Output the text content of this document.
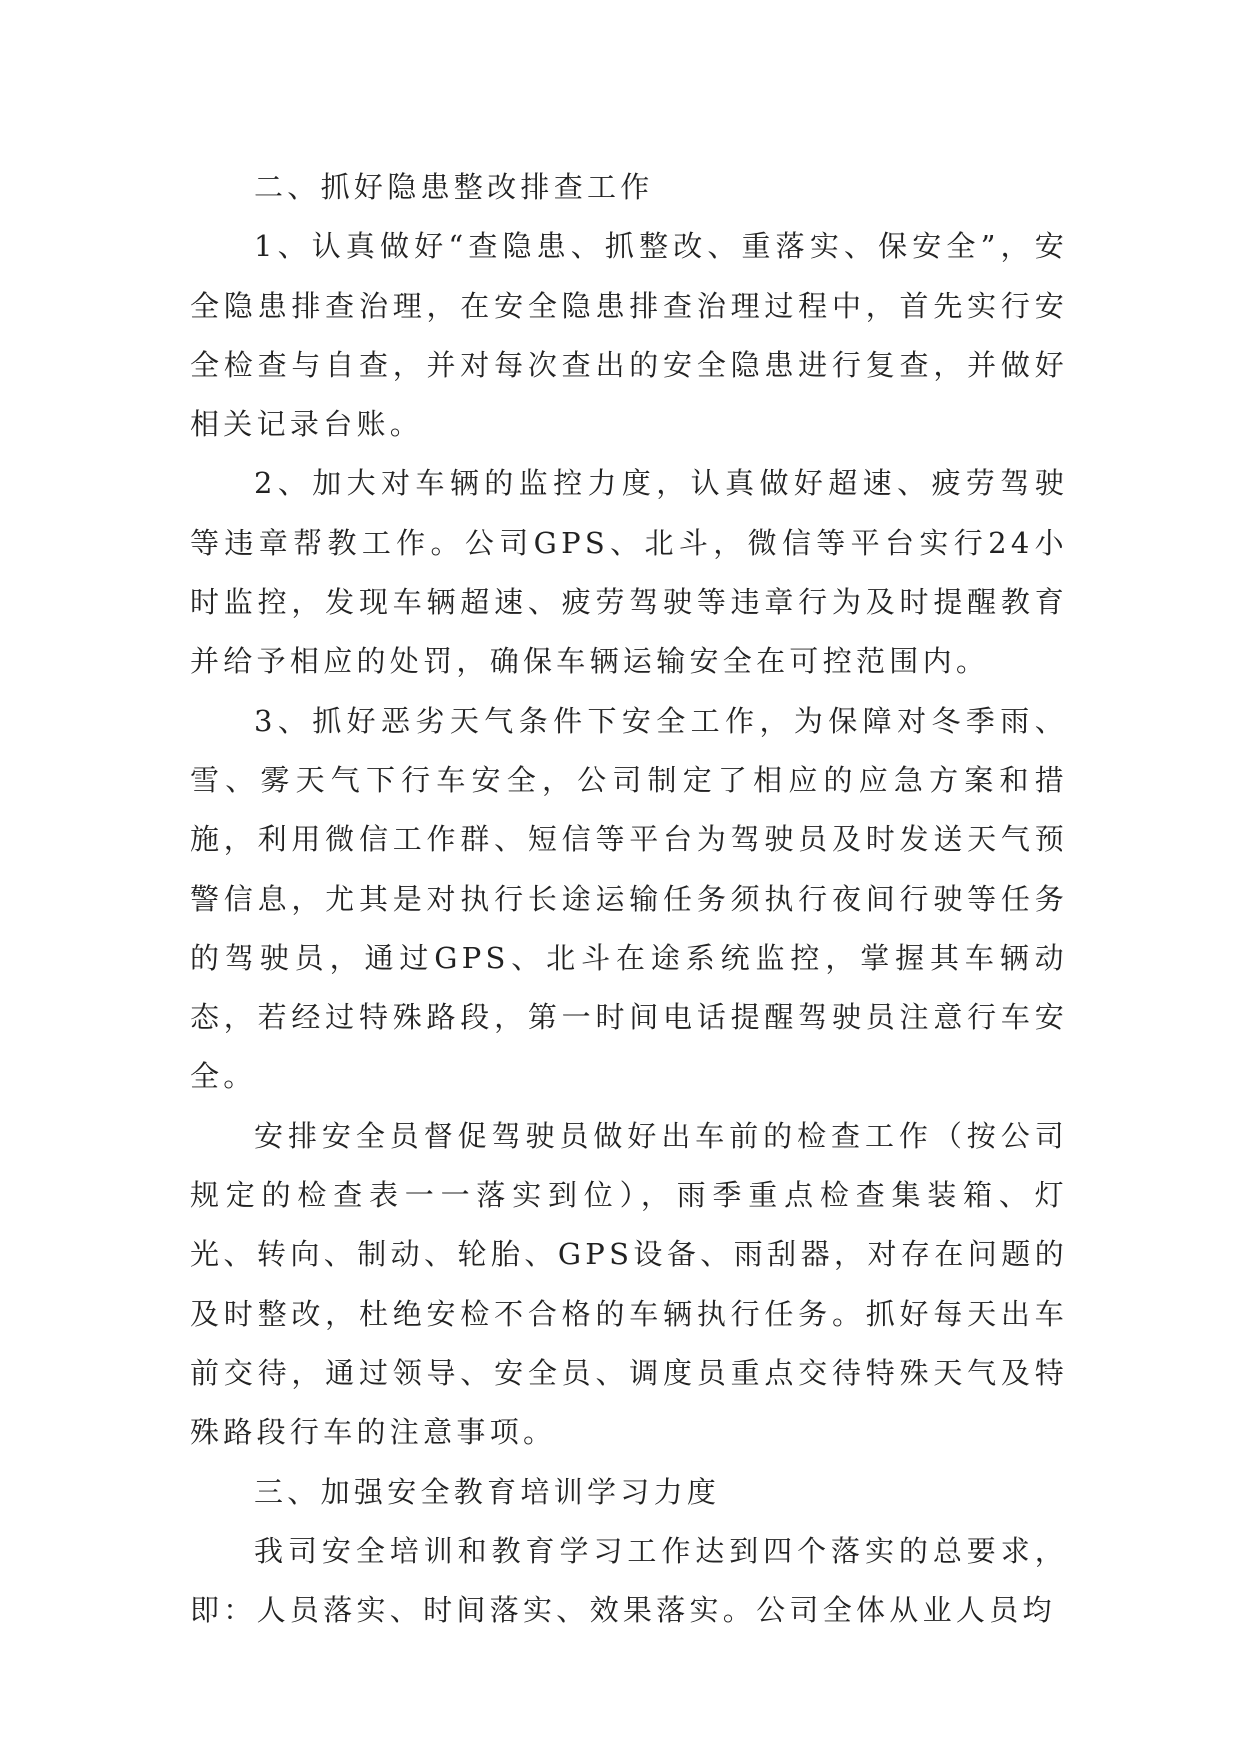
二、抓好隐患整改排查工作

1、认真做好“查隐患、抓整改、重落实、保安全”，安全隐患排查治理，在安全隐患排查治理过程中，首先实行安全检查与自查，并对每次查出的安全隐患进行复查，并做好相关记录台账。

2、加大对车辆的监控力度，认真做好超速、疲劳驾驶等违章帮教工作。公司GPS、北斗，微信等平台实行24小时监控，发现车辆超速、疲劳驾驶等违章行为及时提醒教育并给予相应的处罚，确保车辆运输安全在可控范围内。

3、抓好恶劣天气条件下安全工作，为保障对冬季雨、雪、雾天气下行车安全，公司制定了相应的应急方案和措施，利用微信工作群、短信等平台为驾驶员及时发送天气预警信息，尤其是对执行长途运输任务须执行夜间行驶等任务的驾驶员，通过GPS、北斗在途系统监控，掌握其车辆动态，若经过特殊路段，第一时间电话提醒驾驶员注意行车安全。

安排安全员督促驾驶员做好出车前的检查工作（按公司规定的检查表一一落实到位），雨季重点检查集装箱、灯光、转向、制动、轮胎、GPS设备、雨刮器，对存在问题的及时整改，杜绝安检不合格的车辆执行任务。抓好每天出车前交待，通过领导、安全员、调度员重点交待特殊天气及特殊路段行车的注意事项。

三、加强安全教育培训学习力度

我司安全培训和教育学习工作达到四个落实的总要求，即：人员落实、时间落实、效果落实。公司全体从业人员均
